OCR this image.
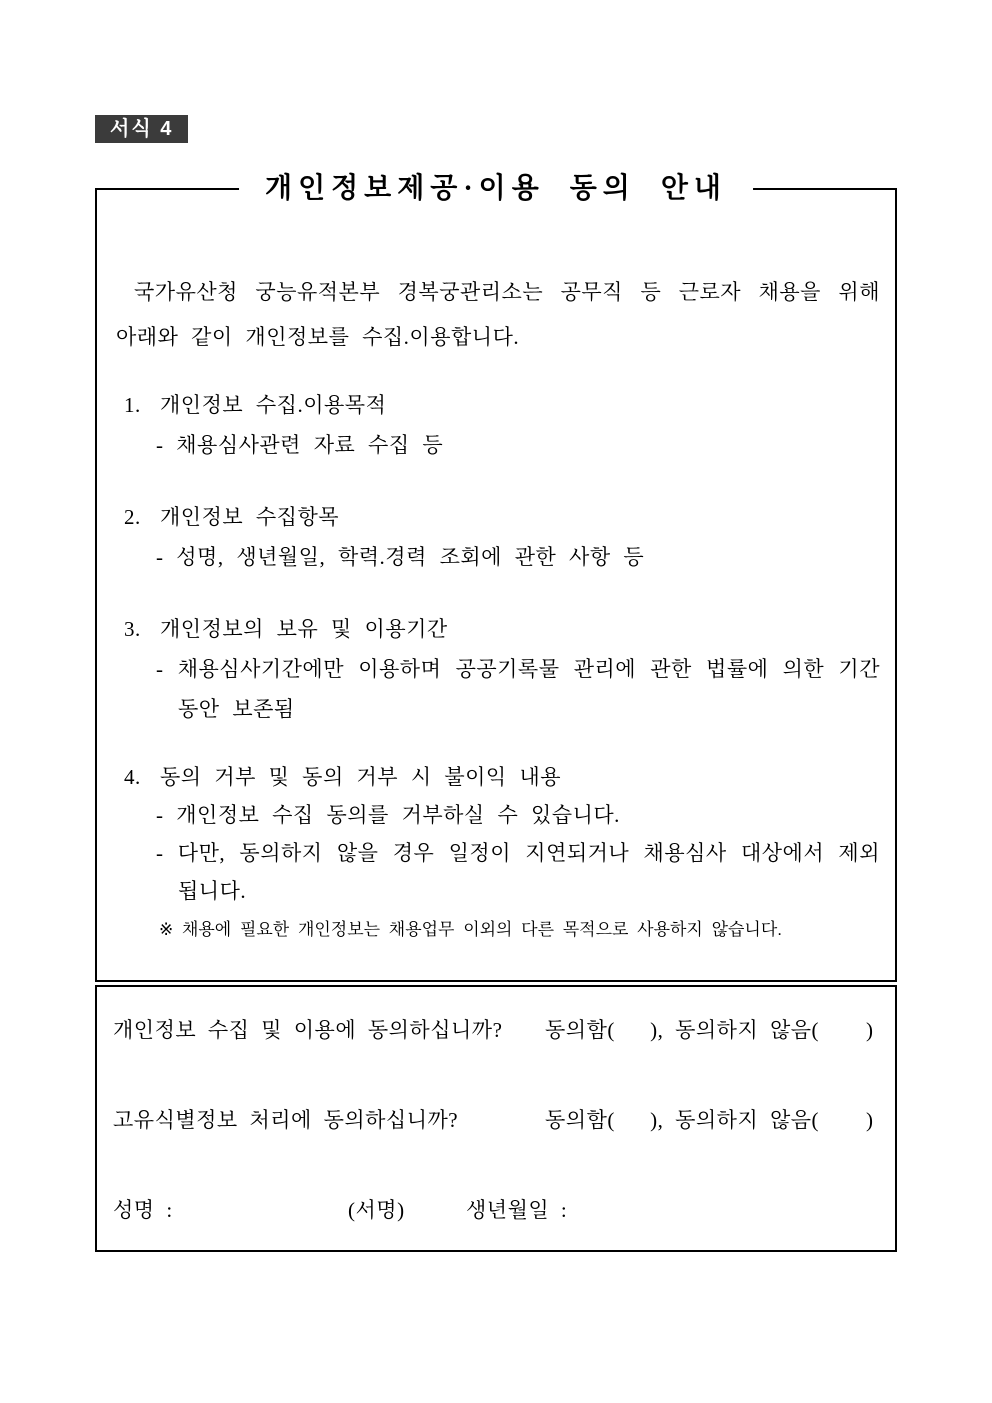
서식 4
개인정보제공·이용 동의 안내

국가유산청 궁능유적본부 경복궁관리소는 공무직 등 근로자 채용을 위해 아래와 같이 개인정보를 수집.이용합니다.

1. 개인정보 수집.이용목적
- 채용심사관련 자료 수집 등
2. 개인정보 수집항목
- 성명, 생년월일, 학력.경력 조회에 관한 사항 등
3. 개인정보의 보유 및 이용기간
- 채용심사기간에만 이용하며 공공기록물 관리에 관한 법률에 의한 기간 동안 보존됨
4. 동의 거부 및 동의 거부 시 불이익 내용
- 개인정보 수집 동의를 거부하실 수 있습니다.
- 다만, 동의하지 않을 경우 일정이 지연되거나 채용심사 대상에서 제외됩니다.
※ 채용에 필요한 개인정보는 채용업무 이외의 다른 목적으로 사용하지 않습니다.
개인정보 수집 및 이용에 동의하십니까?	동의함(   ), 동의하지 않음(    )
고유식별정보 처리에 동의하십니까?	동의함(   ), 동의하지 않음(    )
성명 :	(서명)	생년월일 :
